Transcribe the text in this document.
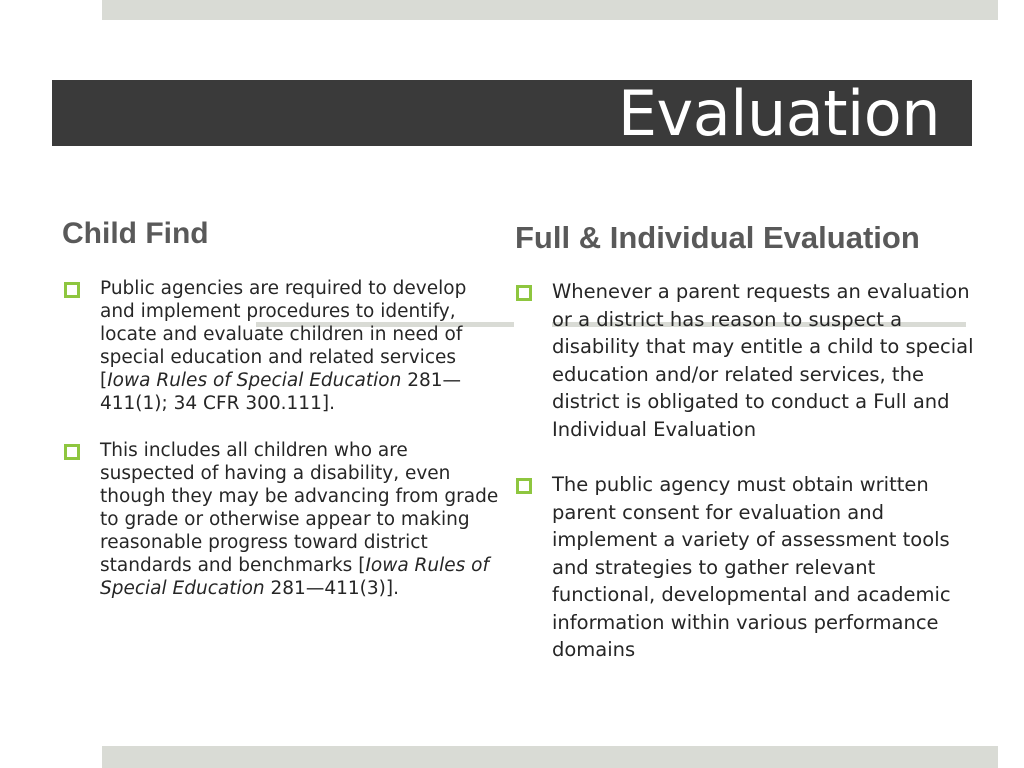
Evaluation
Child Find
Public agencies are required to develop and implement procedures to identify, locate and evaluate children in need of special education and related services [Iowa Rules of Special Education 281—411(1); 34 CFR 300.111].
This includes all children who are suspected of having a disability, even though they may be advancing from grade to grade or otherwise appear to making reasonable progress toward district standards and benchmarks [Iowa Rules of Special Education 281—411(3)].
Full & Individual Evaluation
Whenever a parent requests an evaluation or a district has reason to suspect a disability that may entitle a child to special education and/or related services, the district is obligated to conduct a Full and Individual Evaluation
The public agency must obtain written parent consent for evaluation and implement a variety of assessment tools and strategies to gather relevant functional, developmental and academic information within various performance domains
